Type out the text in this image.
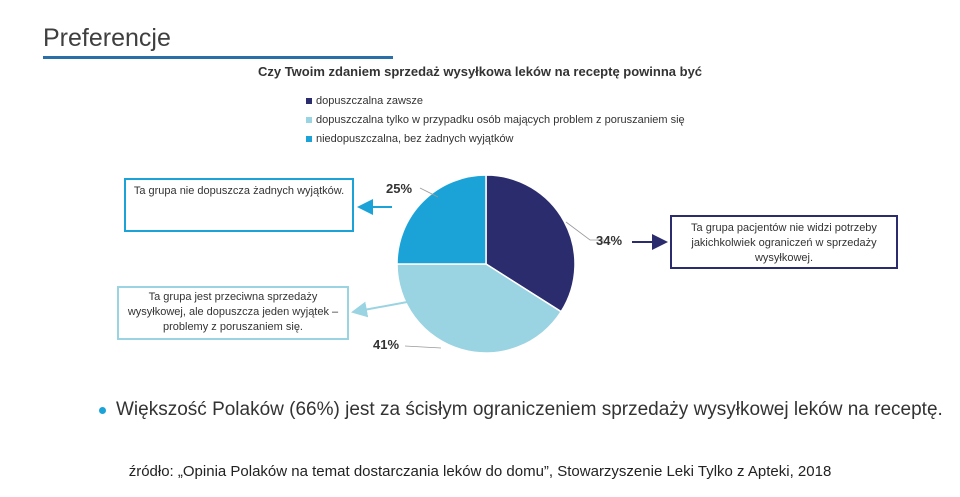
Preferencje
Czy Twoim zdaniem sprzedaż wysyłkowa leków na receptę powinna być
dopuszczalna zawsze
dopuszczalna tylko w przypadku osób mających problem z poruszaniem się
niedopuszczalna, bez żadnych wyjątków
34%
41%
25%
Ta grupa pacjentów nie widzi potrzeby jakichkolwiek ograniczeń w sprzedaży wysyłkowej.
Ta grupa jest przeciwna sprzedaży wysyłkowej, ale dopuszcza jeden wyjątek – problemy z poruszaniem się.
Ta grupa nie dopuszcza żadnych wyjątków.
Większość Polaków (66%) jest za ścisłym ograniczeniem sprzedaży wysyłkowej leków na receptę.
źródło: „Opinia Polaków na temat dostarczania leków do domu”, Stowarzyszenie Leki Tylko z Apteki, 2018
